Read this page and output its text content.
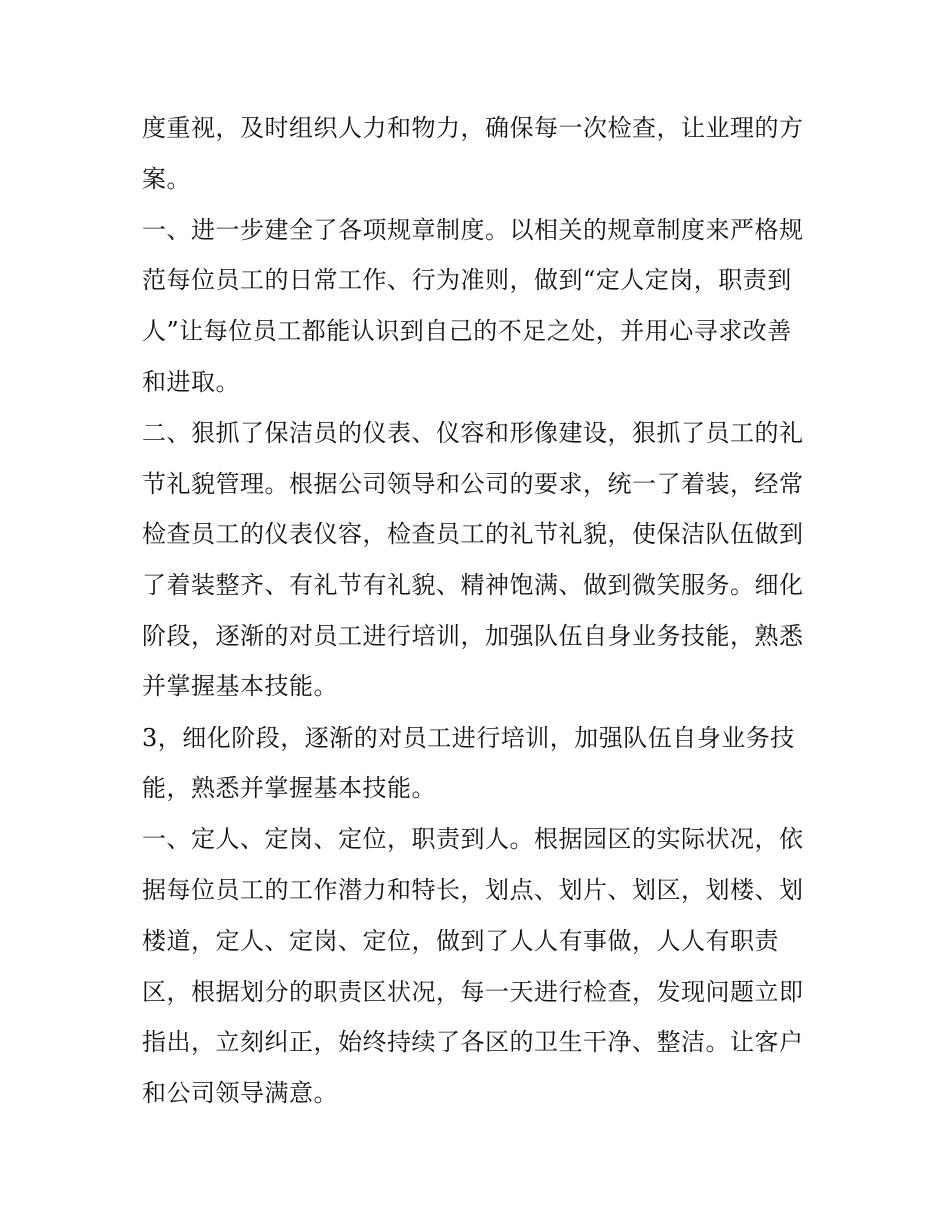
度重视，及时组织人力和物力，确保每一次检查，让业理的方
案。
一、进一步建全了各项规章制度。以相关的规章制度来严格规
范每位员工的日常工作、行为准则，做到“定人定岗，职责到
人”让每位员工都能认识到自己的不足之处，并用心寻求改善
和进取。
二、狠抓了保洁员的仪表、仪容和形像建设，狠抓了员工的礼
节礼貌管理。根据公司领导和公司的要求，统一了着装，经常
检查员工的仪表仪容，检查员工的礼节礼貌，使保洁队伍做到
了着装整齐、有礼节有礼貌、精神饱满、做到微笑服务。细化
阶段，逐渐的对员工进行培训，加强队伍自身业务技能，熟悉
并掌握基本技能。
3，细化阶段，逐渐的对员工进行培训，加强队伍自身业务技
能，熟悉并掌握基本技能。
一、定人、定岗、定位，职责到人。根据园区的实际状况，依
据每位员工的工作潜力和特长，划点、划片、划区，划楼、划
楼道，定人、定岗、定位，做到了人人有事做，人人有职责
区，根据划分的职责区状况，每一天进行检查，发现问题立即
指出，立刻纠正，始终持续了各区的卫生干净、整洁。让客户
和公司领导满意。
